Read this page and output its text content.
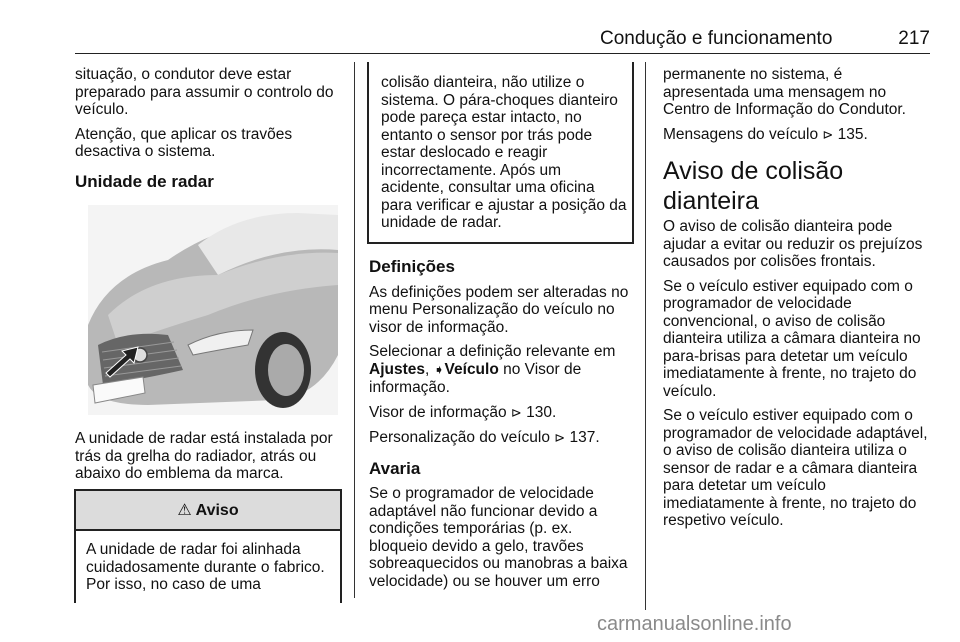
Condução e funcionamento	217

situação, o condutor deve estar preparado para assumir o controlo do veículo.

Atenção, que aplicar os travões desactiva o sistema.

Unidade de radar

A unidade de radar está instalada por trás da grelha do radiador, atrás ou abaixo do emblema da marca.

⚠ Aviso

A unidade de radar foi alinhada cuidadosamente durante o fabrico. Por isso, no caso de uma

colisão dianteira, não utilize o sistema. O pára-choques dianteiro pode pareça estar intacto, no entanto o sensor por trás pode estar deslocado e reagir incorrectamente. Após um acidente, consultar uma oficina para verificar e ajustar a posição da unidade de radar.

Definições

As definições podem ser alteradas no menu Personalização do veículo no visor de informação.

Selecionar a definição relevante em Ajustes, ➧Veículo no Visor de informação.

Visor de informação ⊳ 130.

Personalização do veículo ⊳ 137.

Avaria

Se o programador de velocidade adaptável não funcionar devido a condições temporárias (p. ex. bloqueio devido a gelo, travões sobreaquecidos ou manobras a baixa velocidade) ou se houver um erro

permanente no sistema, é apresentada uma mensagem no Centro de Informação do Condutor.

Mensagens do veículo ⊳ 135.

Aviso de colisão dianteira

O aviso de colisão dianteira pode ajudar a evitar ou reduzir os prejuízos causados por colisões frontais.

Se o veículo estiver equipado com o programador de velocidade convencional, o aviso de colisão dianteira utiliza a câmara dianteira no para-brisas para detetar um veículo imediatamente à frente, no trajeto do veículo.

Se o veículo estiver equipado com o programador de velocidade adaptável, o aviso de colisão dianteira utiliza o sensor de radar e a câmara dianteira para detetar um veículo imediatamente à frente, no trajeto do respetivo veículo.

carmanualsonline.info
